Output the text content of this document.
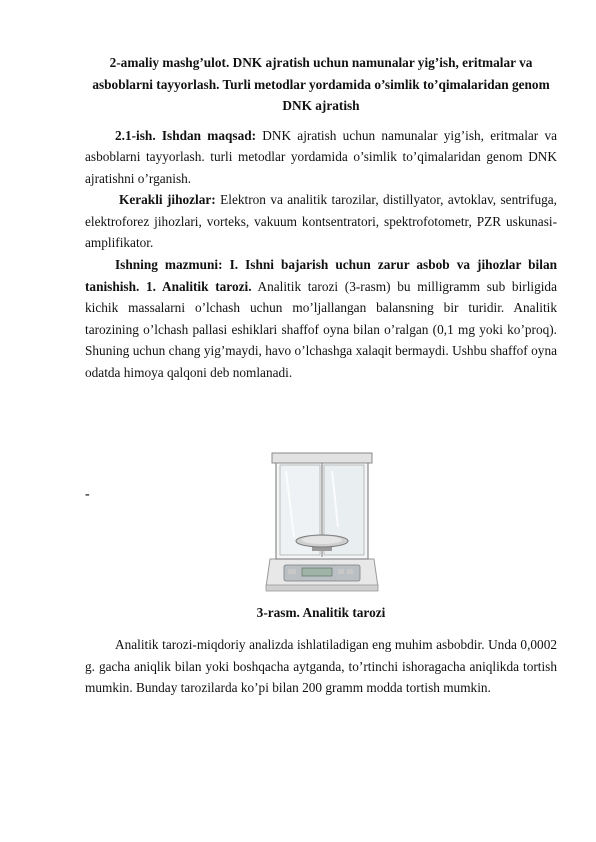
2-amaliy mashg’ulot. DNK ajratish uchun namunalar yig’ish, eritmalar va asboblarni tayyorlash. Turli metodlar yordamida o’simlik to’qimalaridan genom DNK ajratish

2.1-ish. Ishdan maqsad: DNK ajratish uchun namunalar yig’ish, eritmalar va asboblarni tayyorlash. turli metodlar yordamida o’simlik to’qimalaridan genom DNK ajratishni o’rganish.

Kerakli jihozlar: Elektron va analitik tarozilar, distillyator, avtoklav, sentrifuga, elektroforez jihozlari, vorteks, vakuum kontsentratori, spektrofotometr, PZR uskunasi-amplifikator.

Ishning mazmuni: I. Ishni bajarish uchun zarur asbob va jihozlar bilan tanishish. 1. Analitik tarozi. Analitik tarozi (3-rasm) bu milligramm sub birligida kichik massalarni o’lchash uchun mo’ljallangan balansning bir turidir. Analitik tarozining o’lchash pallasi eshiklari shaffof oyna bilan o’ralgan (0,1 mg yoki ko’proq). Shuning uchun chang yig’maydi, havo o’lchashga xalaqit bermaydi. Ushbu shaffof oyna odatda himoya qalqoni deb nomlanadi.

-
3-rasm. Analitik tarozi

Analitik tarozi-miqdoriy analizda ishlatiladigan eng muhim asbobdir. Unda 0,0002 g. gacha aniqlik bilan yoki boshqacha aytganda, to’rtinchi ishoragacha aniqlikda tortish mumkin. Bunday tarozilarda ko’pi bilan 200 gramm modda tortish mumkin.
